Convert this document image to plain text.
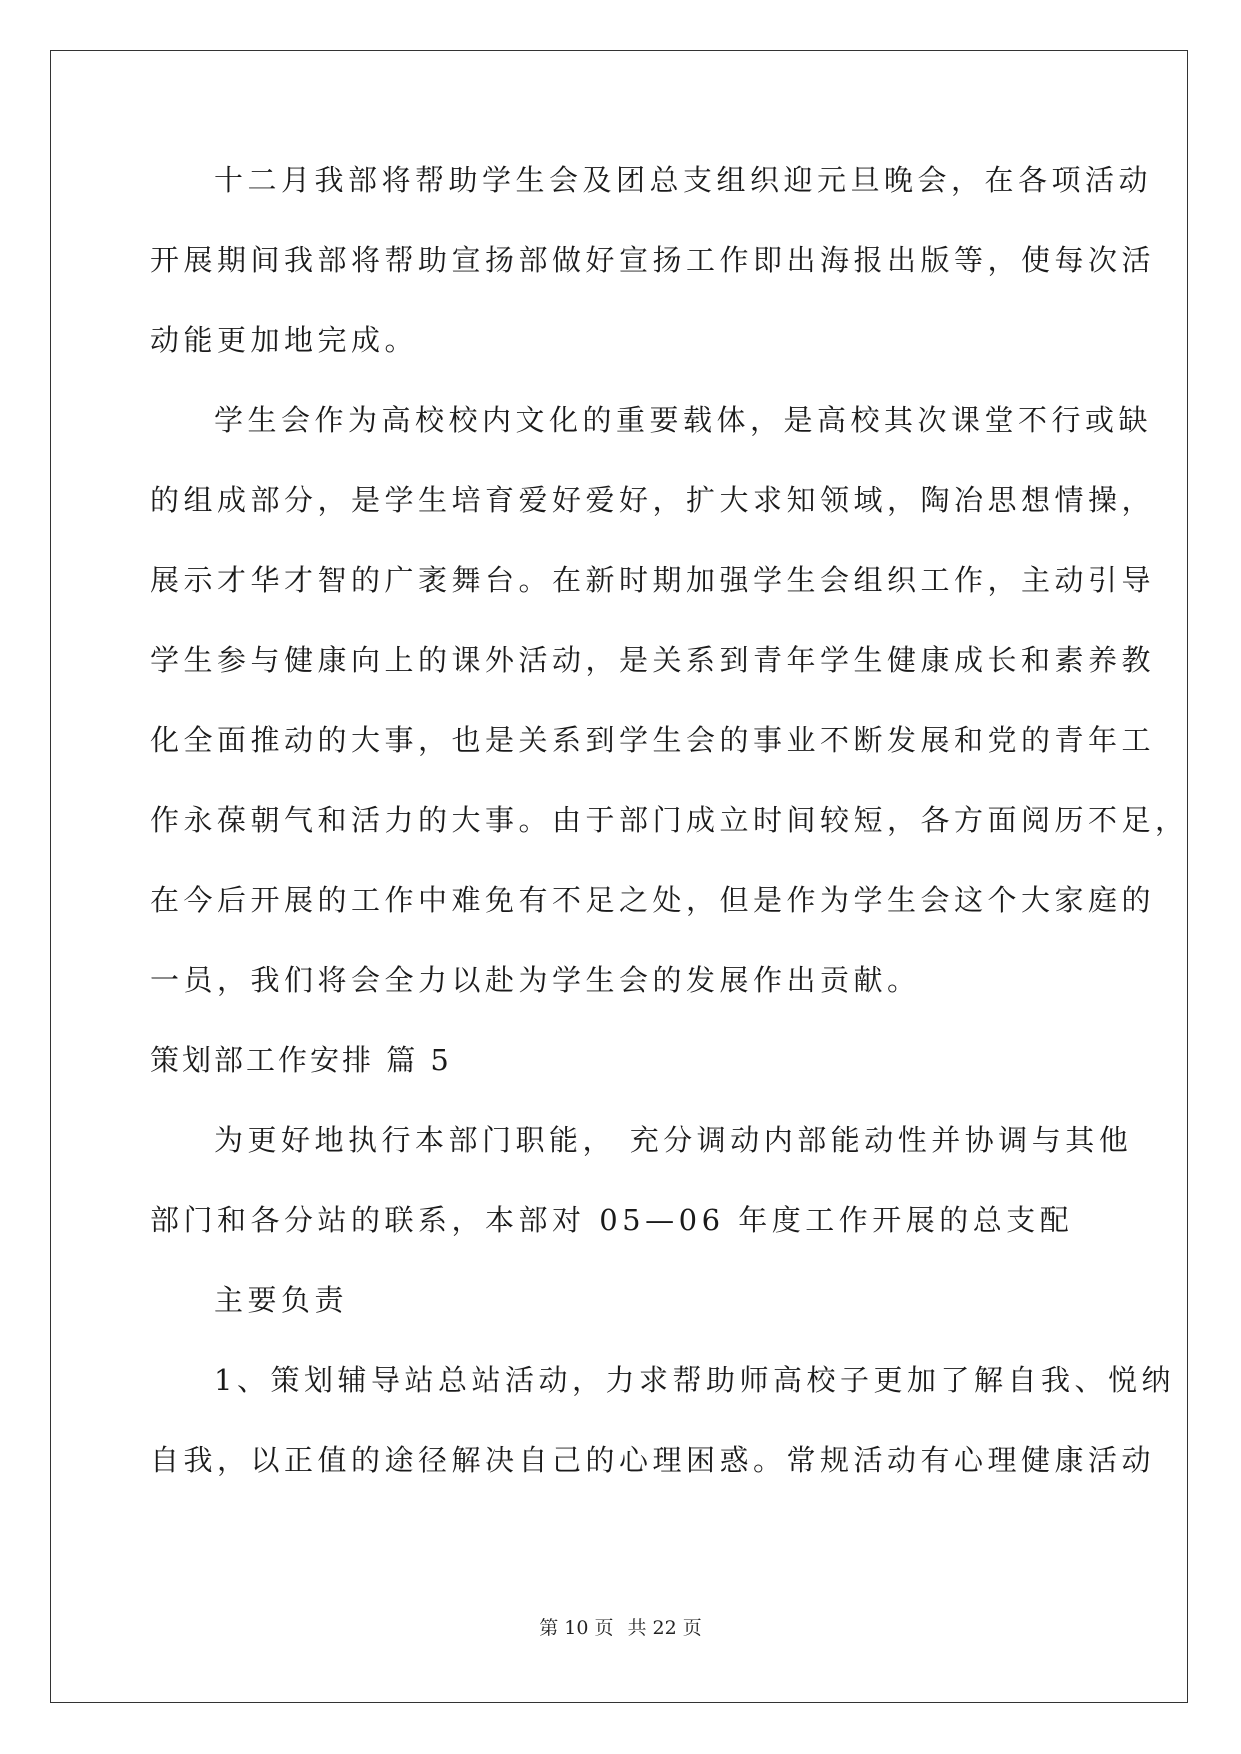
十二月我部将帮助学生会及团总支组织迎元旦晚会，在各项活动
开展期间我部将帮助宣扬部做好宣扬工作即出海报出版等，使每次活
动能更加地完成。
学生会作为高校校内文化的重要载体，是高校其次课堂不行或缺
的组成部分，是学生培育爱好爱好，扩大求知领域，陶冶思想情操，
展示才华才智的广袤舞台。在新时期加强学生会组织工作，主动引导
学生参与健康向上的课外活动，是关系到青年学生健康成长和素养教
化全面推动的大事，也是关系到学生会的事业不断发展和党的青年工
作永葆朝气和活力的大事。由于部门成立时间较短，各方面阅历不足，
在今后开展的工作中难免有不足之处，但是作为学生会这个大家庭的
一员，我们将会全力以赴为学生会的发展作出贡献。
策划部工作安排 篇 5
为更好地执行本部门职能， 充分调动内部能动性并协调与其他
部门和各分站的联系，本部对 05—06 年度工作开展的总支配
主要负责
1、策划辅导站总站活动，力求帮助师高校子更加了解自我、悦纳
自我，以正值的途径解决自己的心理困惑。常规活动有心理健康活动
第 10 页 共 22 页
